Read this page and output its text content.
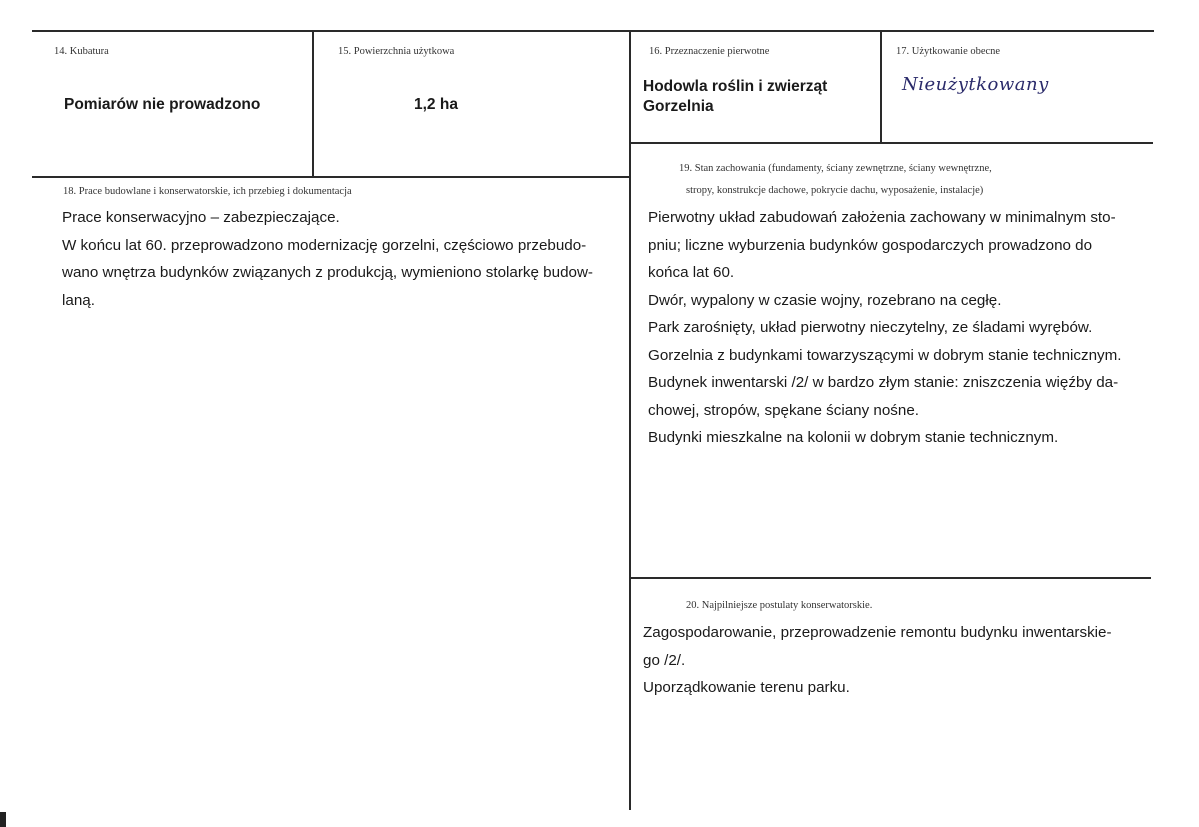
14. Kubatura
Pomiarów nie prowadzono
15. Powierzchnia użytkowa
1,2 ha
16. Przeznaczenie pierwotne
Hodowla roślin i zwierząt
Gorzelnia
17. Użytkowanie obecne
Nieużytkowany
18. Prace budowlane i konserwatorskie, ich przebieg i dokumentacja
Prace konserwacyjno – zabezpieczające.
W końcu lat 60. przeprowadzono modernizację gorzelni, częściowo przebudo-
wano wnętrza budynków związanych z produkcją, wymieniono stolarkę budow-
laną.
19. Stan zachowania (fundamenty, ściany zewnętrzne, ściany wewnętrzne,
stropy, konstrukcje dachowe, pokrycie dachu, wyposażenie, instalacje)
Pierwotny układ zabudowań założenia zachowany w minimalnym sto-
pniu; liczne wyburzenia budynków gospodarczych prowadzono do
końca lat 60.
Dwór, wypalony w czasie wojny, rozebrano na cegłę.
Park zarośnięty, układ pierwotny nieczytelny, ze śladami wyrębów.
Gorzelnia z budynkami towarzyszącymi w dobrym stanie technicznym.
Budynek inwentarski /2/ w bardzo złym stanie: zniszczenia więźby da-
chowej, stropów, spękane ściany nośne.
Budynki mieszkalne na kolonii w dobrym stanie technicznym.
20. Najpilniejsze postulaty konserwatorskie.
Zagospodarowanie, przeprowadzenie remontu budynku inwentarskie-
go /2/.
Uporządkowanie terenu parku.
